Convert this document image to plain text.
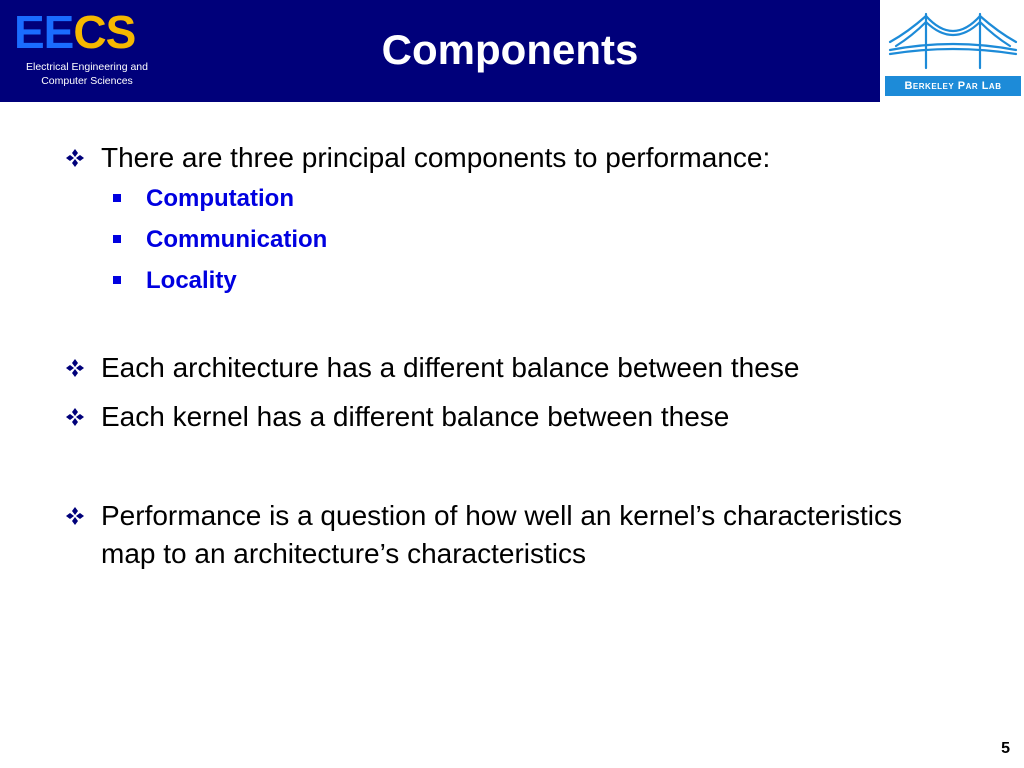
EECS
Electrical Engineering and
Computer Sciences
Components
Berkeley Par Lab
There are three principal components to performance:
Computation
Communication
Locality
Each architecture has a different balance between these
Each kernel has a different balance between these
Performance is a question of how well an kernel’s characteristics map to an architecture’s characteristics
5
